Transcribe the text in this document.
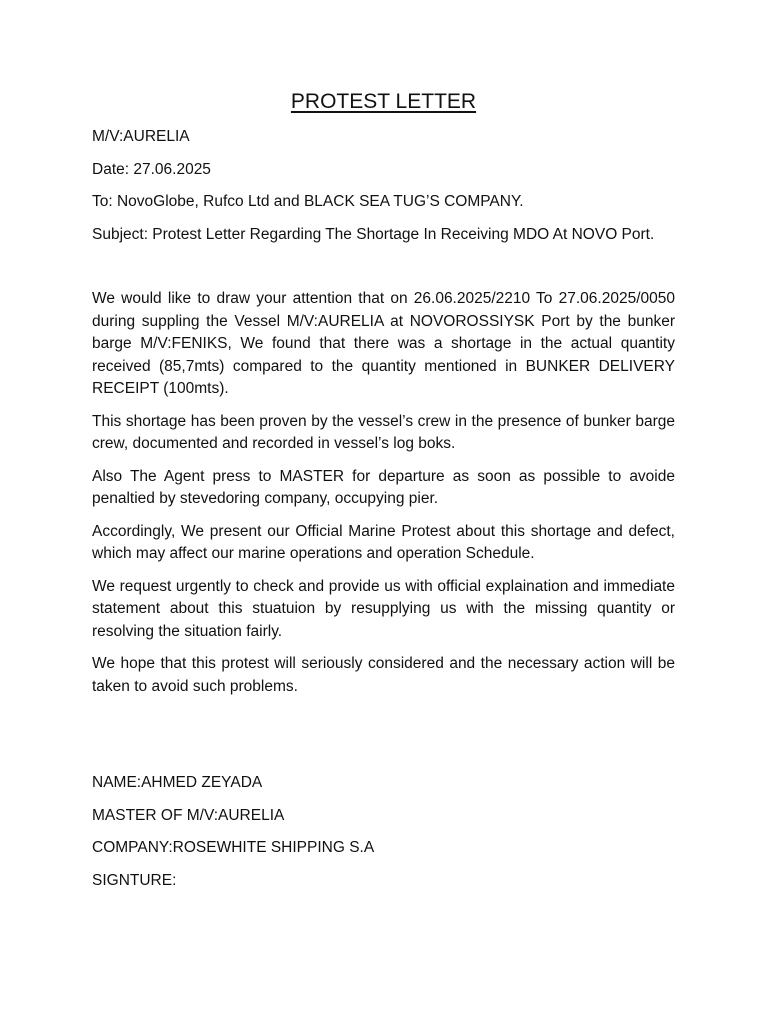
PROTEST LETTER
M/V:AURELIA
Date: 27.06.2025
To: NovoGlobe, Rufco Ltd and BLACK SEA TUG’S COMPANY.
Subject: Protest Letter Regarding The Shortage In Receiving MDO At NOVO Port.
We would like to draw your attention that on 26.06.2025/2210 To 27.06.2025/0050 during suppling the Vessel M/V:AURELIA at NOVOROSSIYSK Port by the bunker barge M/V:FENIKS, We found that there was a shortage in the actual quantity received (85,7mts) compared to the quantity mentioned in BUNKER DELIVERY RECEIPT (100mts).
This shortage has been proven by the vessel’s crew in the presence of bunker barge crew, documented and recorded in vessel’s log boks.
Also The Agent press to MASTER for departure as soon as possible to avoide penaltied by stevedoring company, occupying pier.
Accordingly, We present our Official Marine Protest about this shortage and defect, which may affect our marine operations and operation Schedule.
We request urgently to check and provide us with official explaination and immediate statement about this stuatuion by resupplying us with the missing quantity or resolving the situation fairly.
We hope that this protest will seriously considered and the necessary action will be taken to avoid such problems.
NAME:AHMED ZEYADA
MASTER OF M/V:AURELIA
COMPANY:ROSEWHITE SHIPPING S.A
SIGNTURE:
